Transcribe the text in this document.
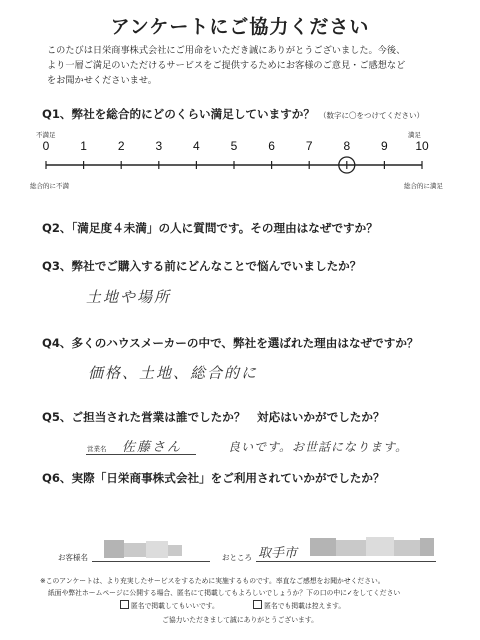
アンケートにご協力ください
このたびは日栄商事株式会社にご用命をいただき誠にありがとうございました。今後、
より一層ご満足のいただけるサービスをご提供するためにお客様のご意見・ご感想など
をお聞かせくださいませ。
Q1、弊社を総合的にどのくらい満足していますか？ （数字に〇をつけてください）
不満足	満足
総合的に不満	総合的に満足
0	1	2	3	4	5	6	7	8	9 10
Q2、「満足度４未満」の人に質問です。その理由はなぜですか？
Q3、弊社でご購入する前にどんなことで悩んでいましたか？
土地や場所
Q4、多くのハウスメーカーの中で、弊社を選ばれた理由はなぜですか？
価格、土地、総合的に
Q5、ご担当された営業は誰でしたか？　対応はいかがでしたか？
営業名 佐藤さん	良いです。お世話になります。
Q6、実際「日栄商事株式会社」をご利用されていかがでしたか？
お客様名	おところ 取手市
※このアンケートは、より充実したサービスをするために実施するものです。率直なご感想をお聞かせください。
紙面や弊社ホームページに公開する場合、匿名にて掲載してもよろしいでしょうか？下の口の中に✓をしてください
匿名で掲載してもいいです。	匿名でも掲載は控えます。
ご協力いただきまして誠にありがとうございます。
